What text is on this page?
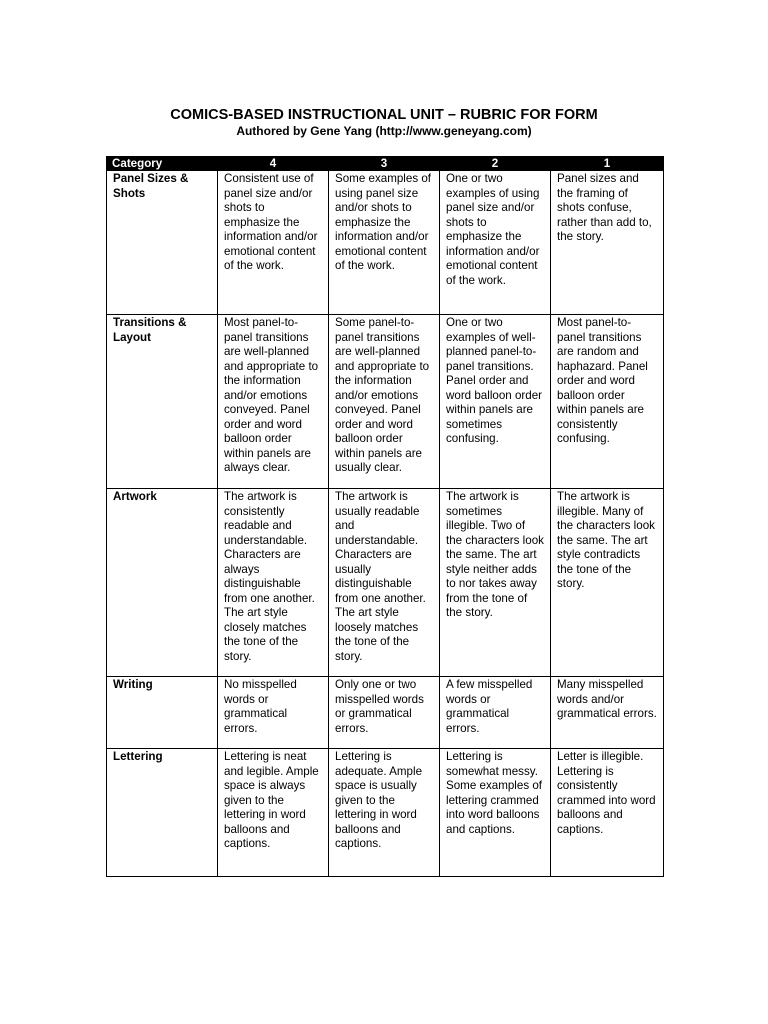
COMICS-BASED INSTRUCTIONAL UNIT – RUBRIC FOR FORM

Authored by Gene Yang (http://www.geneyang.com)

Category	4	3	2	1
Panel Sizes & Shots	Consistent use of panel size and/or shots to emphasize the information and/or emotional content of the work.	Some examples of using panel size and/or shots to emphasize the information and/or emotional content of the work.	One or two examples of using panel size and/or shots to emphasize the information and/or emotional content of the work.	Panel sizes and the framing of shots confuse, rather than add to, the story.
Transitions & Layout	Most panel-to-panel transitions are well-planned and appropriate to the information and/or emotions conveyed. Panel order and word balloon order within panels are always clear.	Some panel-to-panel transitions are well-planned and appropriate to the information and/or emotions conveyed. Panel order and word balloon order within panels are usually clear.	One or two examples of well-planned panel-to-panel transitions. Panel order and word balloon order within panels are sometimes confusing.	Most panel-to-panel transitions are random and haphazard. Panel order and word balloon order within panels are consistently confusing.
Artwork	The artwork is consistently readable and understandable. Characters are always distinguishable from one another. The art style closely matches the tone of the story.	The artwork is usually readable and understandable. Characters are usually distinguishable from one another. The art style loosely matches the tone of the story.	The artwork is sometimes illegible. Two of the characters look the same. The art style neither adds to nor takes away from the tone of the story.	The artwork is illegible. Many of the characters look the same. The art style contradicts the tone of the story.
Writing	No misspelled words or grammatical errors.	Only one or two misspelled words or grammatical errors.	A few misspelled words or grammatical errors.	Many misspelled words and/or grammatical errors.
Lettering	Lettering is neat and legible. Ample space is always given to the lettering in word balloons and captions.	Lettering is adequate. Ample space is usually given to the lettering in word balloons and captions.	Lettering is somewhat messy. Some examples of lettering crammed into word balloons and captions.	Letter is illegible. Lettering is consistently crammed into word balloons and captions.
